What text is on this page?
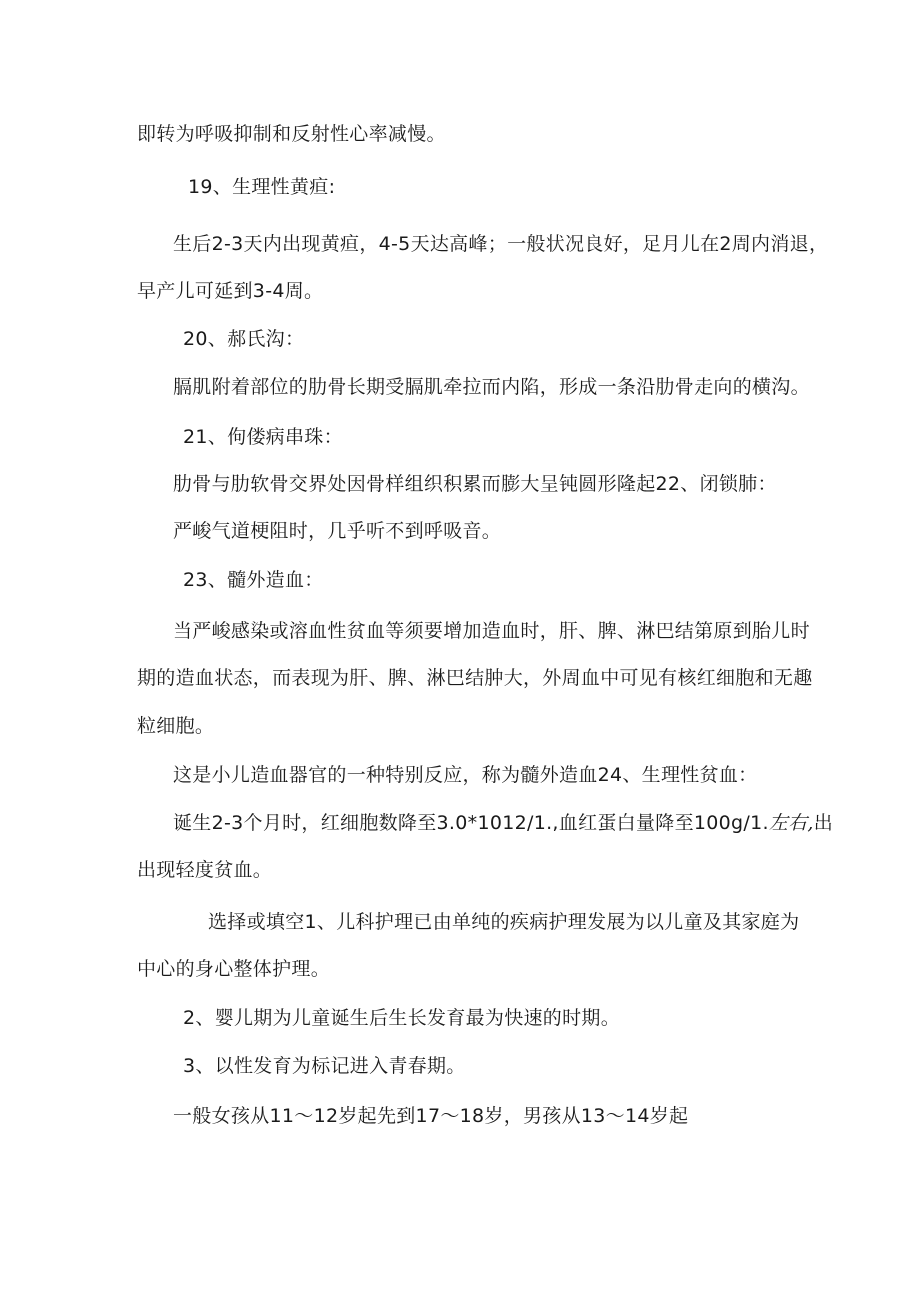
即转为呼吸抑制和反射性心率减慢。
19、生理性黄疸:
生后2-3天内出现黄疸，4-5天达高峰；一般状况良好，足月儿在2周内消退，
早产儿可延到3-4周。
20、郝氏沟：
膈肌附着部位的肋骨长期受膈肌牵拉而内陷，形成一条沿肋骨走向的横沟。
21、佝偻病串珠：
肋骨与肋软骨交界处因骨样组织积累而膨大呈钝圆形隆起22、闭锁肺：
严峻气道梗阻时，几乎听不到呼吸音。
23、髓外造血：
当严峻感染或溶血性贫血等须要增加造血时，肝、脾、淋巴结第原到胎儿时
期的造血状态，而表现为肝、脾、淋巴结肿大，外周血中可见有核红细胞和无趣
粒细胞。
这是小儿造血器官的一种特别反应，称为髓外造血24、生理性贫血：
诞生2-3个月时，红细胞数降至3.0*1012/1.,血红蛋白量降至100g/1.左右,出
出现轻度贫血。
选择或填空1、儿科护理已由单纯的疾病护理发展为以儿童及其家庭为
中心的身心整体护理。
2、婴儿期为儿童诞生后生长发育最为快速的时期。
3、以性发育为标记进入青春期。
一般女孩从11～12岁起先到17～18岁，男孩从13～14岁起
